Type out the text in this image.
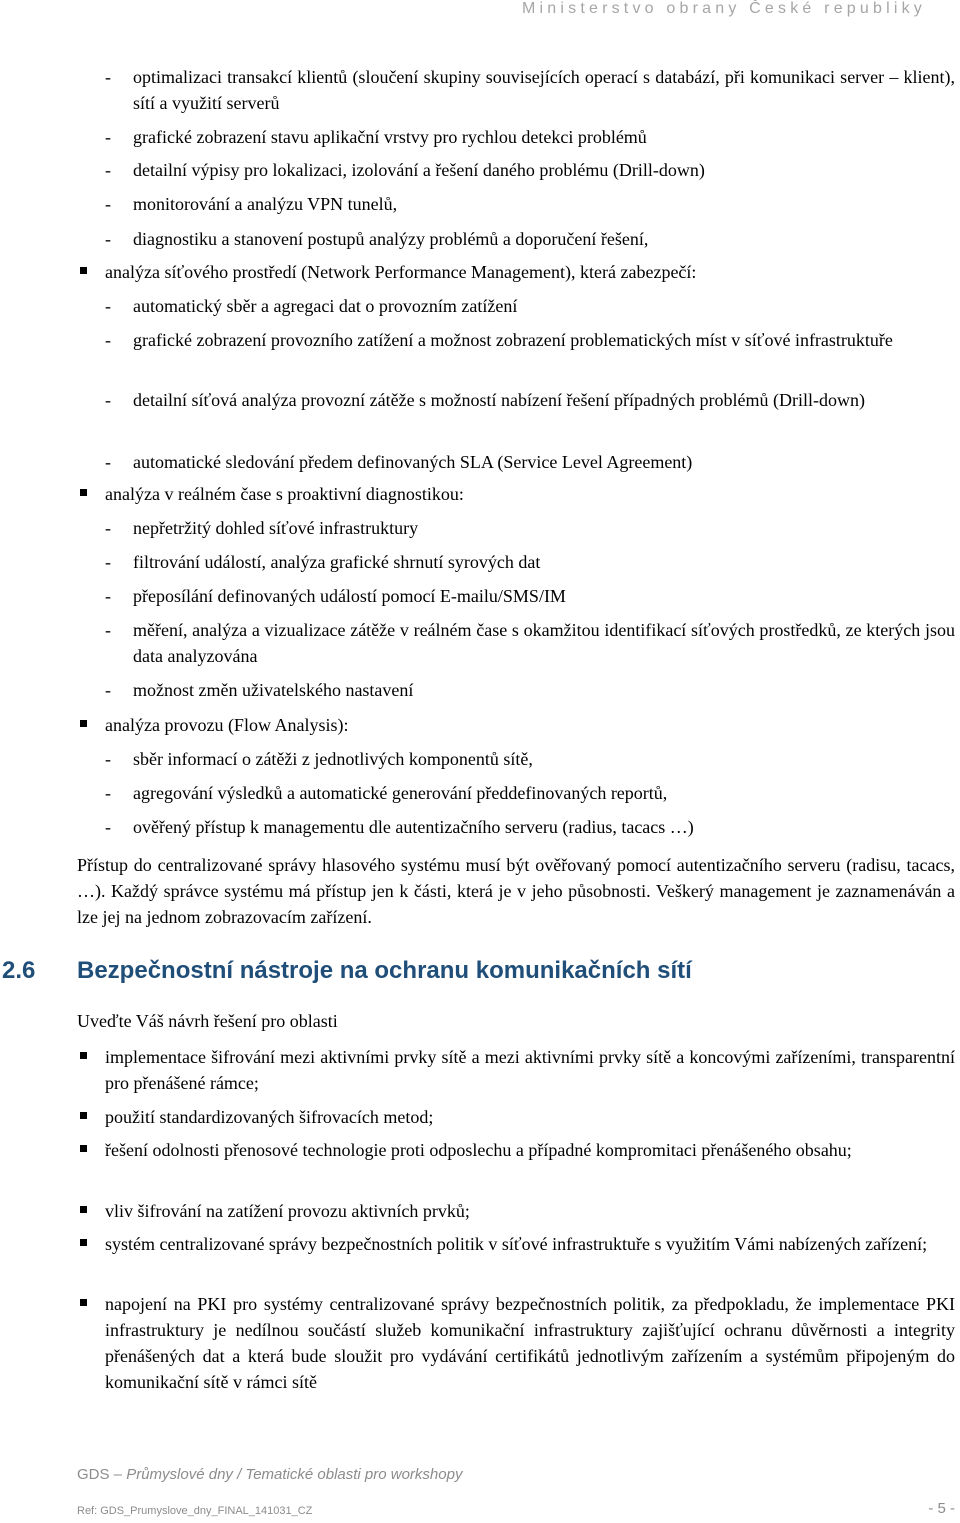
Ministerstvo obrany České republiky
- optimalizaci transakcí klientů (sloučení skupiny souvisejících operací s databází, při komunikaci server – klient), sítí a využití serverů
- grafické zobrazení stavu aplikační vrstvy pro rychlou detekci problémů
- detailní výpisy pro lokalizaci, izolování a řešení daného problému (Drill-down)
- monitorování a analýzu VPN tunelů,
- diagnostiku a stanovení postupů analýzy problémů a doporučení řešení,
analýza síťového prostředí (Network Performance Management), která zabezpečí:
- automatický sběr a agregaci dat o provozním zatížení
- grafické zobrazení provozního zatížení a možnost zobrazení problematických míst v síťové infrastruktuře
- detailní síťová analýza provozní zátěže s možností nabízení řešení případných problémů (Drill-down)
- automatické sledování předem definovaných SLA (Service Level Agreement)
analýza v reálném čase s proaktivní diagnostikou:
- nepřetržitý dohled síťové infrastruktury
- filtrování událostí, analýza grafické shrnutí syrových dat
- přeposílání definovaných událostí pomocí E-mailu/SMS/IM
- měření, analýza a vizualizace zátěže v reálném čase s okamžitou identifikací síťových prostředků, ze kterých jsou data analyzována
- možnost změn uživatelského nastavení
analýza provozu (Flow Analysis):
- sběr informací o zátěži z jednotlivých komponentů sítě,
- agregování výsledků a automatické generování předdefinovaných reportů,
- ověřený přístup k managementu dle autentizačního serveru (radius, tacacs …)
Přístup do centralizované správy hlasového systému musí být ověřovaný pomocí autentizačního serveru (radisu, tacacs, …). Každý správce systému má přístup jen k části, která je v jeho působnosti. Veškerý management je zaznamenáván a lze jej na jednom zobrazovacím zařízení.
2.6 Bezpečnostní nástroje na ochranu komunikačních sítí
Uveďte Váš návrh řešení pro oblasti
implementace šifrování mezi aktivními prvky sítě a mezi aktivními prvky sítě a koncovými zařízeními, transparentní pro přenášené rámce;
použití standardizovaných šifrovacích metod;
řešení odolnosti přenosové technologie proti odposlechu a případné kompromitaci přenášeného obsahu;
vliv šifrování na zatížení provozu aktivních prvků;
systém centralizované správy bezpečnostních politik v síťové infrastruktuře s využitím Vámi nabízených zařízení;
napojení na PKI pro systémy centralizované správy bezpečnostních politik, za předpokladu, že implementace PKI infrastruktury je nedílnou součástí služeb komunikační infrastruktury zajišťující ochranu důvěrnosti a integrity přenášených dat a která bude sloužit pro vydávání certifikátů jednotlivým zařízením a systémům připojeným do komunikační sítě v rámci sítě
GDS – Průmyslové dny / Tematické oblasti pro workshopy
Ref: GDS_Prumyslove_dny_FINAL_141031_CZ	- 5 -
